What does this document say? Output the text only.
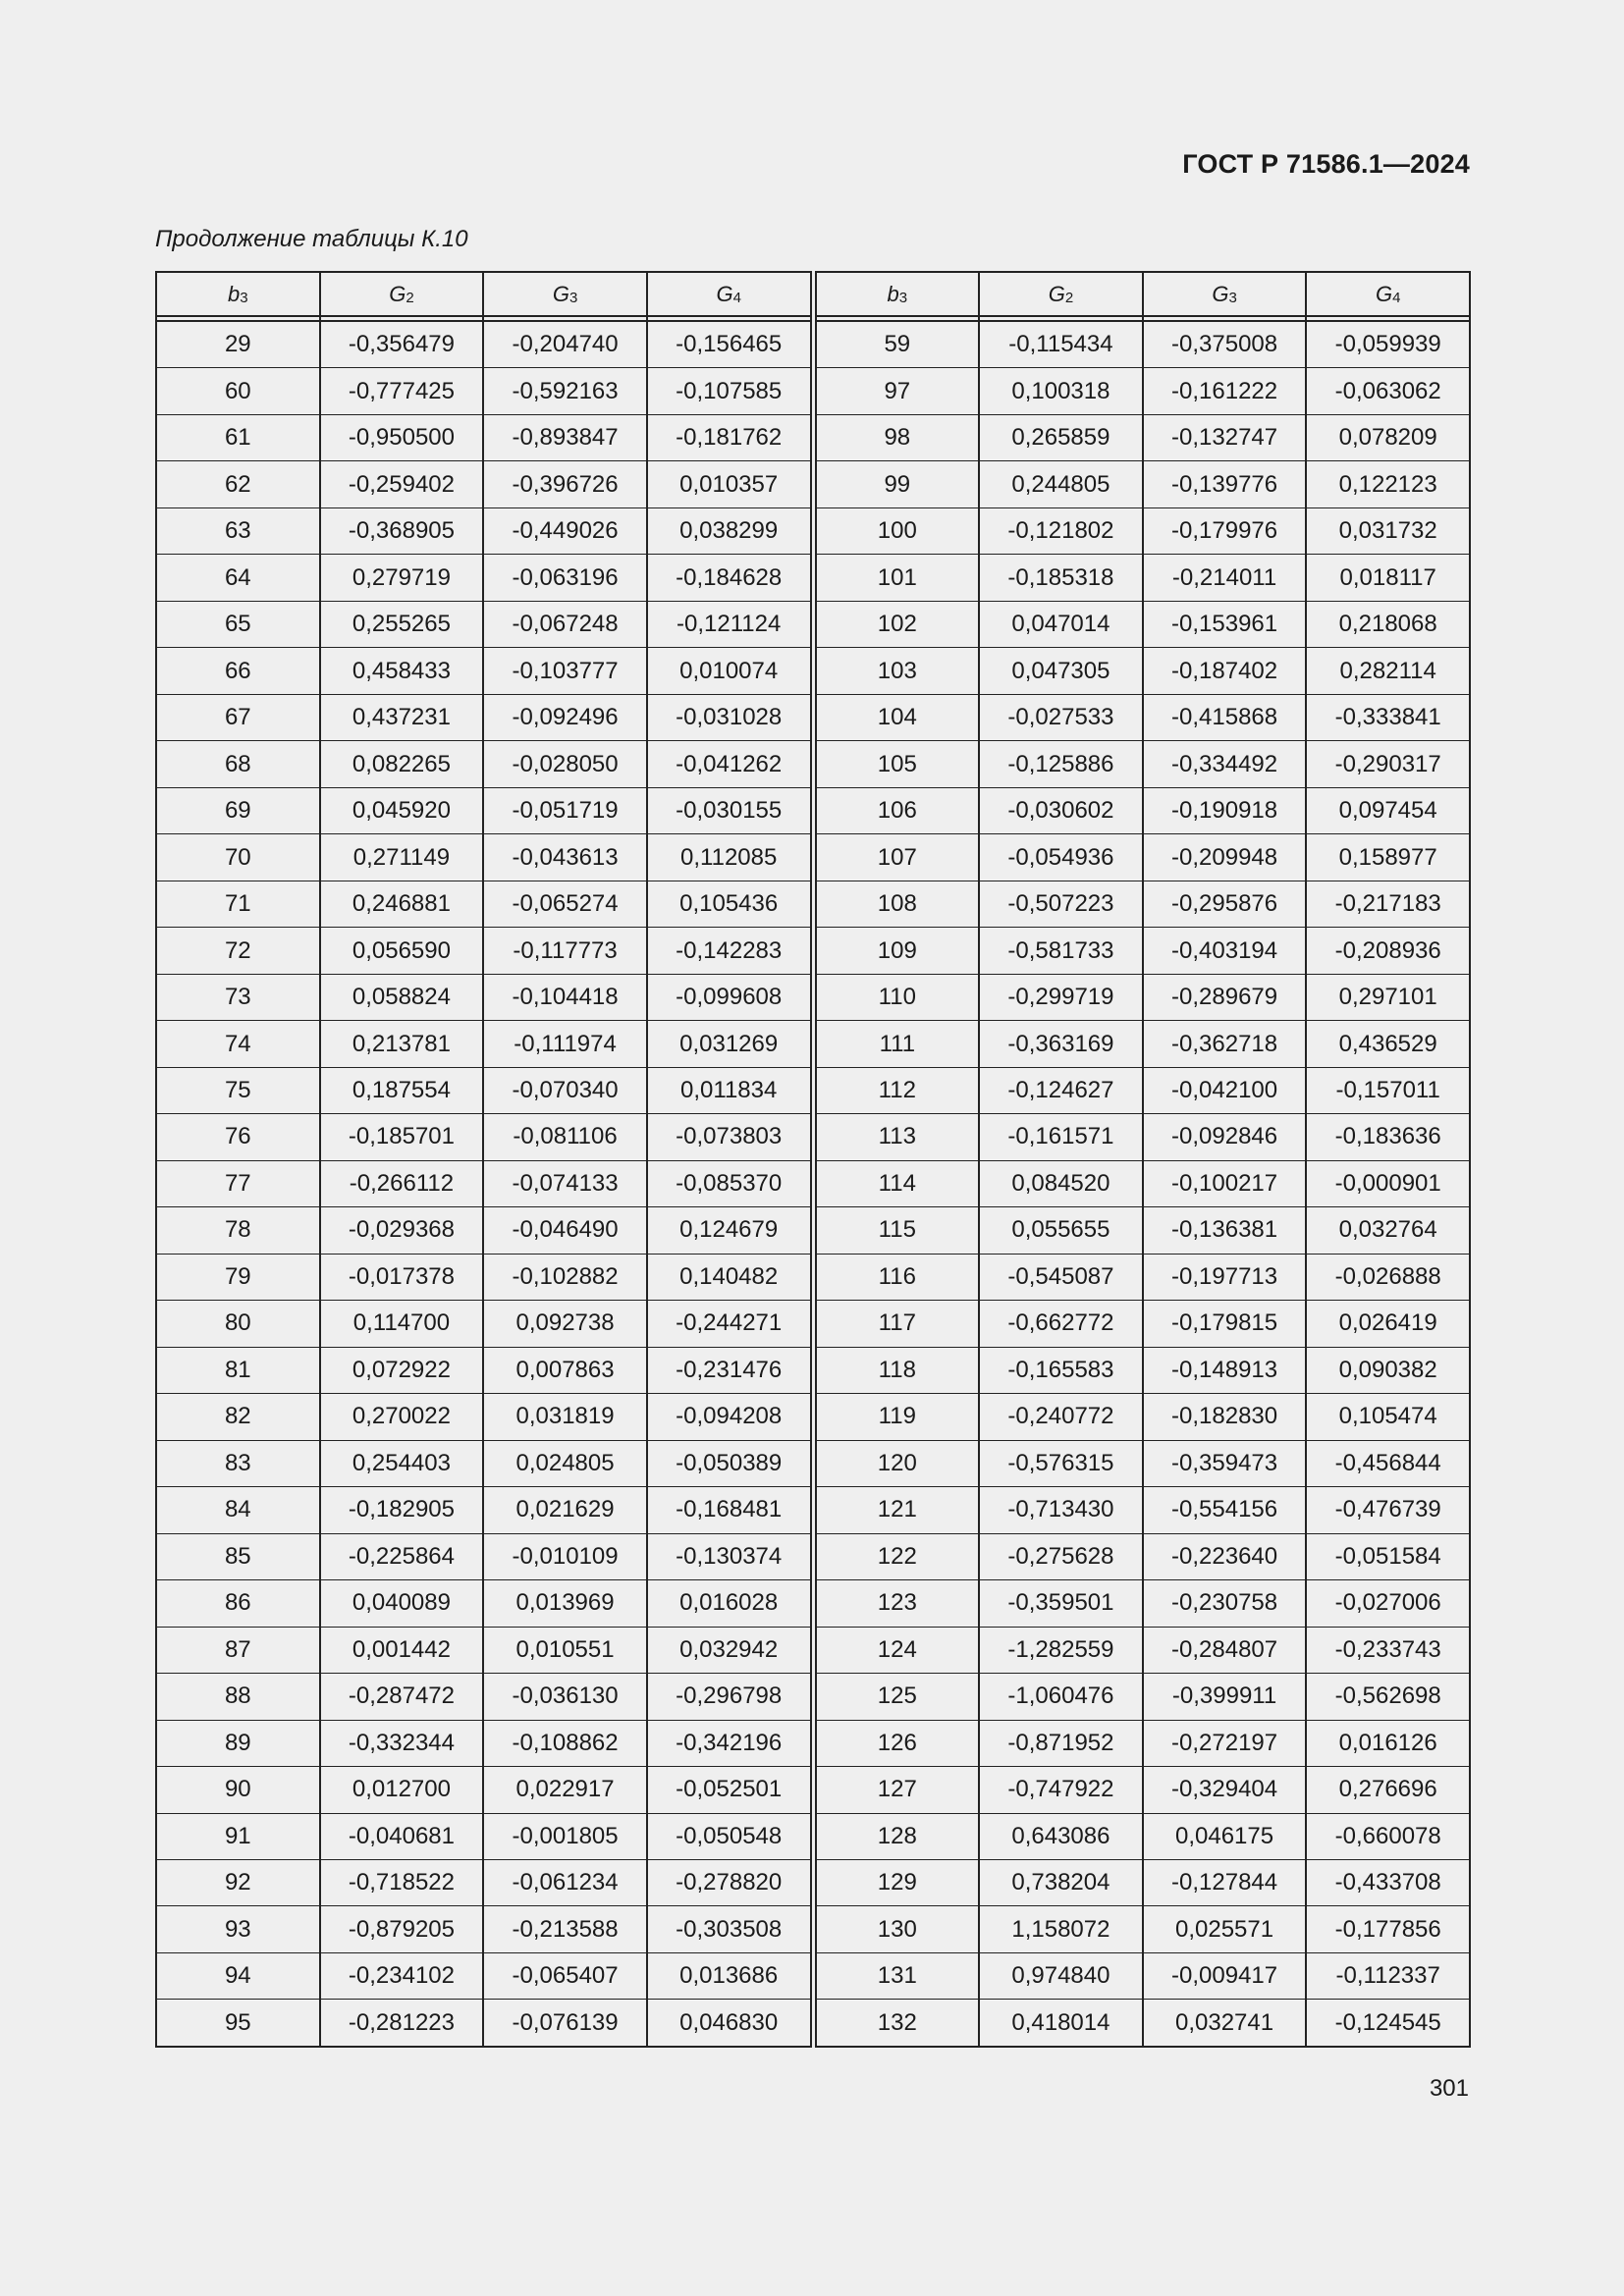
ГОСТ Р 71586.1—2024
Продолжение таблицы К.10
$b_3$	$G_2$	$G_3$	$G_4$
29	-0,356479	-0,204740	-0,156465
60	-0,777425	-0,592163	-0,107585
61	-0,950500	-0,893847	-0,181762
62	-0,259402	-0,396726	0,010357
63	-0,368905	-0,449026	0,038299
64	0,279719	-0,063196	-0,184628
65	0,255265	-0,067248	-0,121124
66	0,458433	-0,103777	0,010074
67	0,437231	-0,092496	-0,031028
68	0,082265	-0,028050	-0,041262
69	0,045920	-0,051719	-0,030155
70	0,271149	-0,043613	0,112085
71	0,246881	-0,065274	0,105436
72	0,056590	-0,117773	-0,142283
73	0,058824	-0,104418	-0,099608
74	0,213781	-0,111974	0,031269
75	0,187554	-0,070340	0,011834
76	-0,185701	-0,081106	-0,073803
77	-0,266112	-0,074133	-0,085370
78	-0,029368	-0,046490	0,124679
79	-0,017378	-0,102882	0,140482
80	0,114700	0,092738	-0,244271
81	0,072922	0,007863	-0,231476
82	0,270022	0,031819	-0,094208
83	0,254403	0,024805	-0,050389
84	-0,182905	0,021629	-0,168481
85	-0,225864	-0,010109	-0,130374
86	0,040089	0,013969	0,016028
87	0,001442	0,010551	0,032942
88	-0,287472	-0,036130	-0,296798
89	-0,332344	-0,108862	-0,342196
90	0,012700	0,022917	-0,052501
91	-0,040681	-0,001805	-0,050548
92	-0,718522	-0,061234	-0,278820
93	-0,879205	-0,213588	-0,303508
94	-0,234102	-0,065407	0,013686
95	-0,281223	-0,076139	0,046830
$b_3$	$G_2$	$G_3$	$G_4$
59	-0,115434	-0,375008	-0,059939
97	0,100318	-0,161222	-0,063062
98	0,265859	-0,132747	0,078209
99	0,244805	-0,139776	0,122123
100	-0,121802	-0,179976	0,031732
101	-0,185318	-0,214011	0,018117
102	0,047014	-0,153961	0,218068
103	0,047305	-0,187402	0,282114
104	-0,027533	-0,415868	-0,333841
105	-0,125886	-0,334492	-0,290317
106	-0,030602	-0,190918	0,097454
107	-0,054936	-0,209948	0,158977
108	-0,507223	-0,295876	-0,217183
109	-0,581733	-0,403194	-0,208936
110	-0,299719	-0,289679	0,297101
111	-0,363169	-0,362718	0,436529
112	-0,124627	-0,042100	-0,157011
113	-0,161571	-0,092846	-0,183636
114	0,084520	-0,100217	-0,000901
115	0,055655	-0,136381	0,032764
116	-0,545087	-0,197713	-0,026888
117	-0,662772	-0,179815	0,026419
118	-0,165583	-0,148913	0,090382
119	-0,240772	-0,182830	0,105474
120	-0,576315	-0,359473	-0,456844
121	-0,713430	-0,554156	-0,476739
122	-0,275628	-0,223640	-0,051584
123	-0,359501	-0,230758	-0,027006
124	-1,282559	-0,284807	-0,233743
125	-1,060476	-0,399911	-0,562698
126	-0,871952	-0,272197	0,016126
127	-0,747922	-0,329404	0,276696
128	0,643086	0,046175	-0,660078
129	0,738204	-0,127844	-0,433708
130	1,158072	0,025571	-0,177856
131	0,974840	-0,009417	-0,112337
132	0,418014	0,032741	-0,124545
301
